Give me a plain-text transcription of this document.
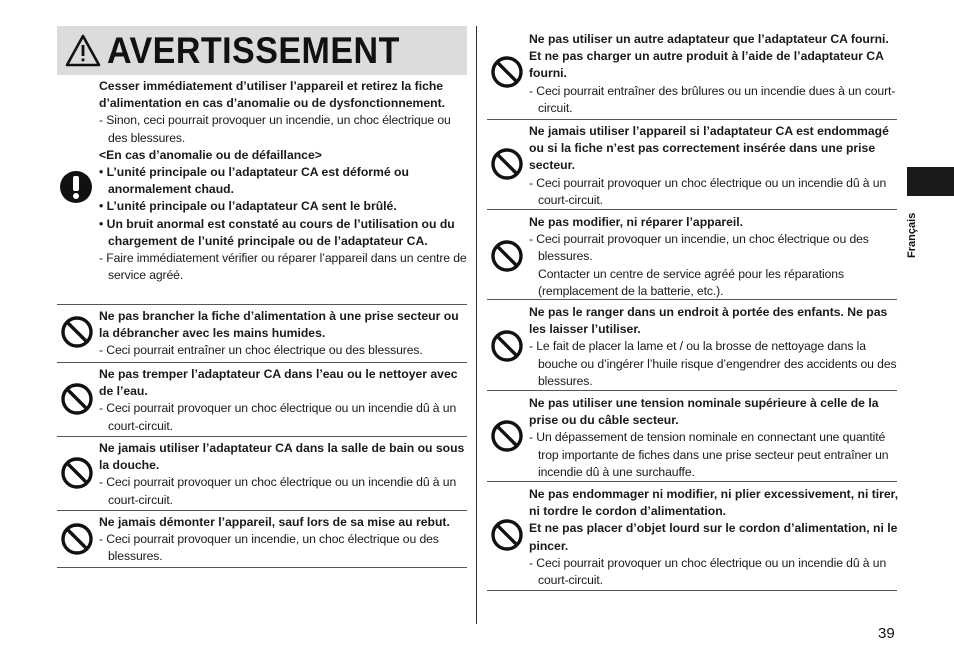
AVERTISSEMENT

Cesser immédiatement d’utiliser l’appareil et retirez la fiche d’alimentation en cas d’anomalie ou de dysfonctionnement.

- Sinon, ceci pourrait provoquer un incendie, un choc électrique ou des blessures.

<En cas d’anomalie ou de défaillance>

• L’unité principale ou l’adaptateur CA est déformé ou anormalement chaud.

• L’unité principale ou l’adaptateur CA sent le brûlé.

• Un bruit anormal est constaté au cours de l’utilisation ou du chargement de l’unité principale ou de l’adaptateur CA.

- Faire immédiatement vérifier ou réparer l’appareil dans un centre de service agréé.

Ne pas brancher la fiche d’alimentation à une prise secteur ou la débrancher avec les mains humides.

- Ceci pourrait entraîner un choc électrique ou des blessures.

Ne pas tremper l’adaptateur CA dans l’eau ou le nettoyer avec de l’eau.

- Ceci pourrait provoquer un choc électrique ou un incendie dû à un court-circuit.

Ne jamais utiliser l’adaptateur CA dans la salle de bain ou sous la douche.

- Ceci pourrait provoquer un choc électrique ou un incendie dû à un court-circuit.

Ne jamais démonter l’appareil, sauf lors de sa mise au rebut.

- Ceci pourrait provoquer un incendie, un choc électrique ou des blessures.

Ne pas utiliser un autre adaptateur que l’adaptateur CA fourni. Et ne pas charger un autre produit à l’aide de l’adaptateur CA fourni.

- Ceci pourrait entraîner des brûlures ou un incendie dues à un court-circuit.

Ne jamais utiliser l’appareil si l’adaptateur CA est endommagé ou si la fiche n’est pas correctement insérée dans une prise secteur.

- Ceci pourrait provoquer un choc électrique ou un incendie dû à un court-circuit.

Ne pas modifier, ni réparer l’appareil.

- Ceci pourrait provoquer un incendie, un choc électrique ou des blessures.

Contacter un centre de service agréé pour les réparations (remplacement de la batterie, etc.).

Ne pas le ranger dans un endroit à portée des enfants. Ne pas les laisser l’utiliser.

- Le fait de placer la lame et / ou la brosse de nettoyage dans la bouche ou d’ingérer l’huile risque d’engendrer des accidents ou des blessures.

Ne pas utiliser une tension nominale supérieure à celle de la prise ou du câble secteur.

- Un dépassement de tension nominale en connectant une quantité trop importante de fiches dans une prise secteur peut entraîner un incendie dû à une surchauffe.

Ne pas endommager ni modifier, ni plier excessivement, ni tirer, ni tordre le cordon d’alimentation.

Et ne pas placer d’objet lourd sur le cordon d’alimentation, ni le pincer.

- Ceci pourrait provoquer un choc électrique ou un incendie dû à un court-circuit.

Français
39
